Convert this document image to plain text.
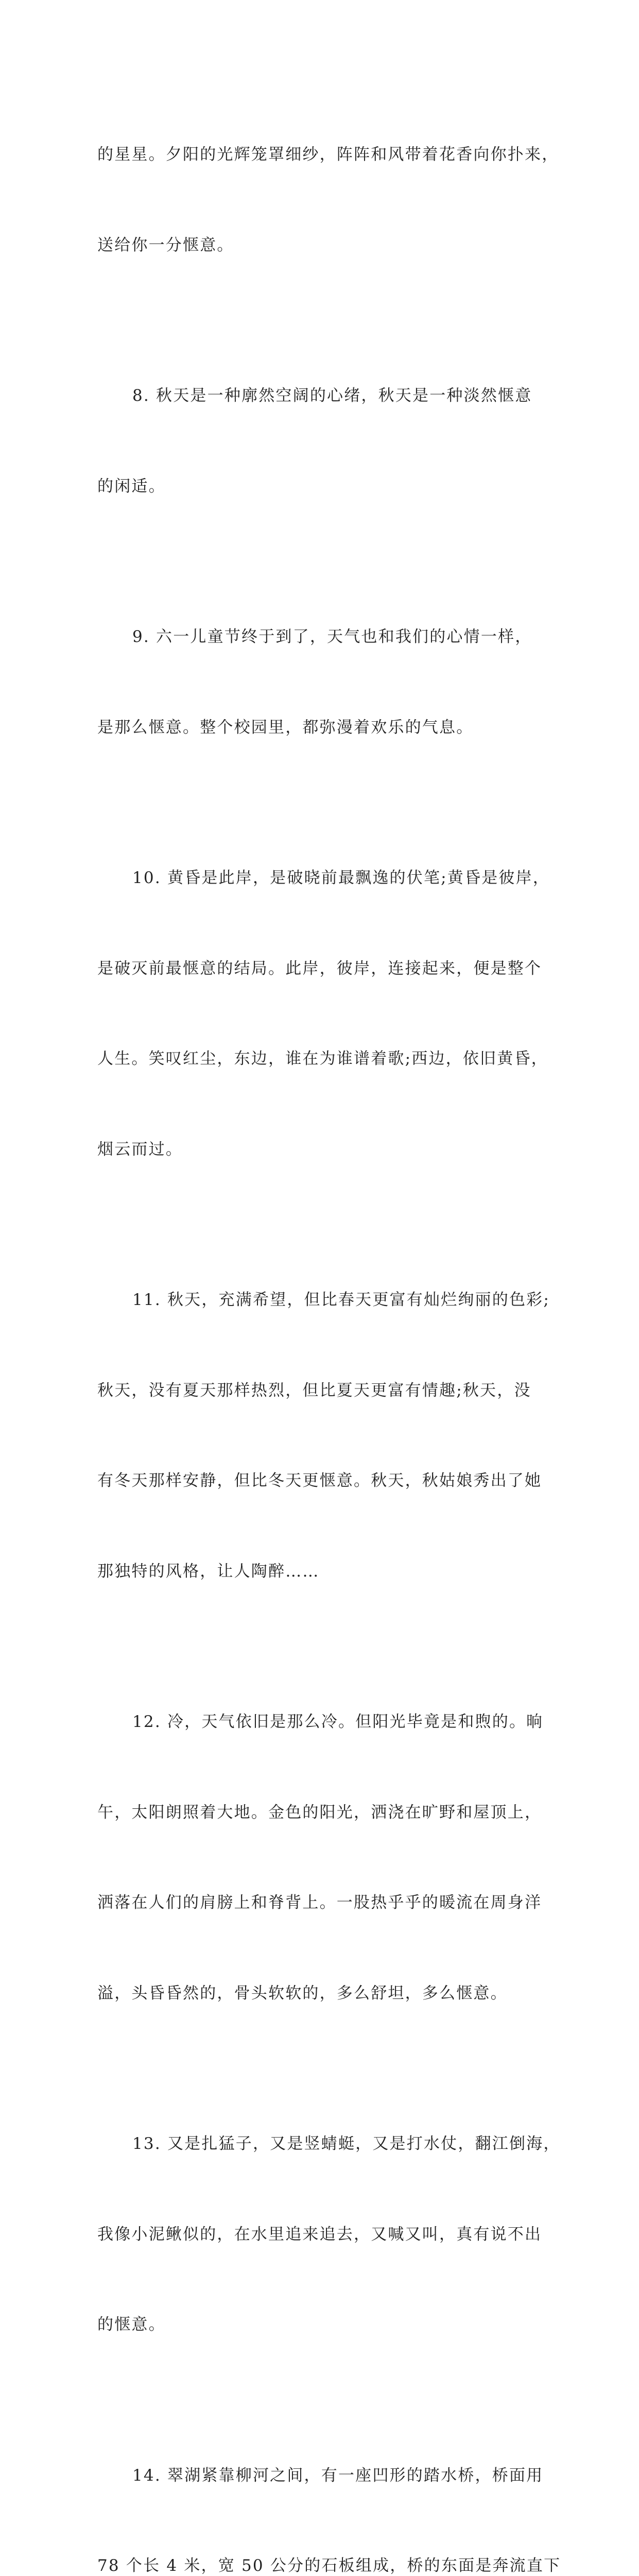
的星星。夕阳的光辉笼罩细纱，阵阵和风带着花香向你扑来，

送给你一分惬意。

8. 秋天是一种廓然空阔的心绪，秋天是一种淡然惬意

的闲适。

9. 六一儿童节终于到了，天气也和我们的心情一样，

是那么惬意。整个校园里，都弥漫着欢乐的气息。

10. 黄昏是此岸，是破晓前最飘逸的伏笔;黄昏是彼岸，

是破灭前最惬意的结局。此岸，彼岸，连接起来，便是整个

人生。笑叹红尘，东边，谁在为谁谱着歌;西边，依旧黄昏，

烟云而过。

11. 秋天，充满希望，但比春天更富有灿烂绚丽的色彩;

秋天，没有夏天那样热烈，但比夏天更富有情趣;秋天，没

有冬天那样安静，但比冬天更惬意。秋天，秋姑娘秀出了她

那独特的风格，让人陶醉……

12. 冷，天气依旧是那么冷。但阳光毕竟是和煦的。晌

午，太阳朗照着大地。金色的阳光，洒浇在旷野和屋顶上，

洒落在人们的肩膀上和脊背上。一股热乎乎的暖流在周身洋

溢，头昏昏然的，骨头软软的，多么舒坦，多么惬意。

13. 又是扎猛子，又是竖蜻蜓，又是打水仗，翻江倒海，

我像小泥鳅似的，在水里追来追去，又喊又叫，真有说不出

的惬意。

14. 翠湖紧靠柳河之间，有一座凹形的踏水桥，桥面用

78 个长 4 米，宽 50 公分的石板组成，桥的东面是奔流直下
